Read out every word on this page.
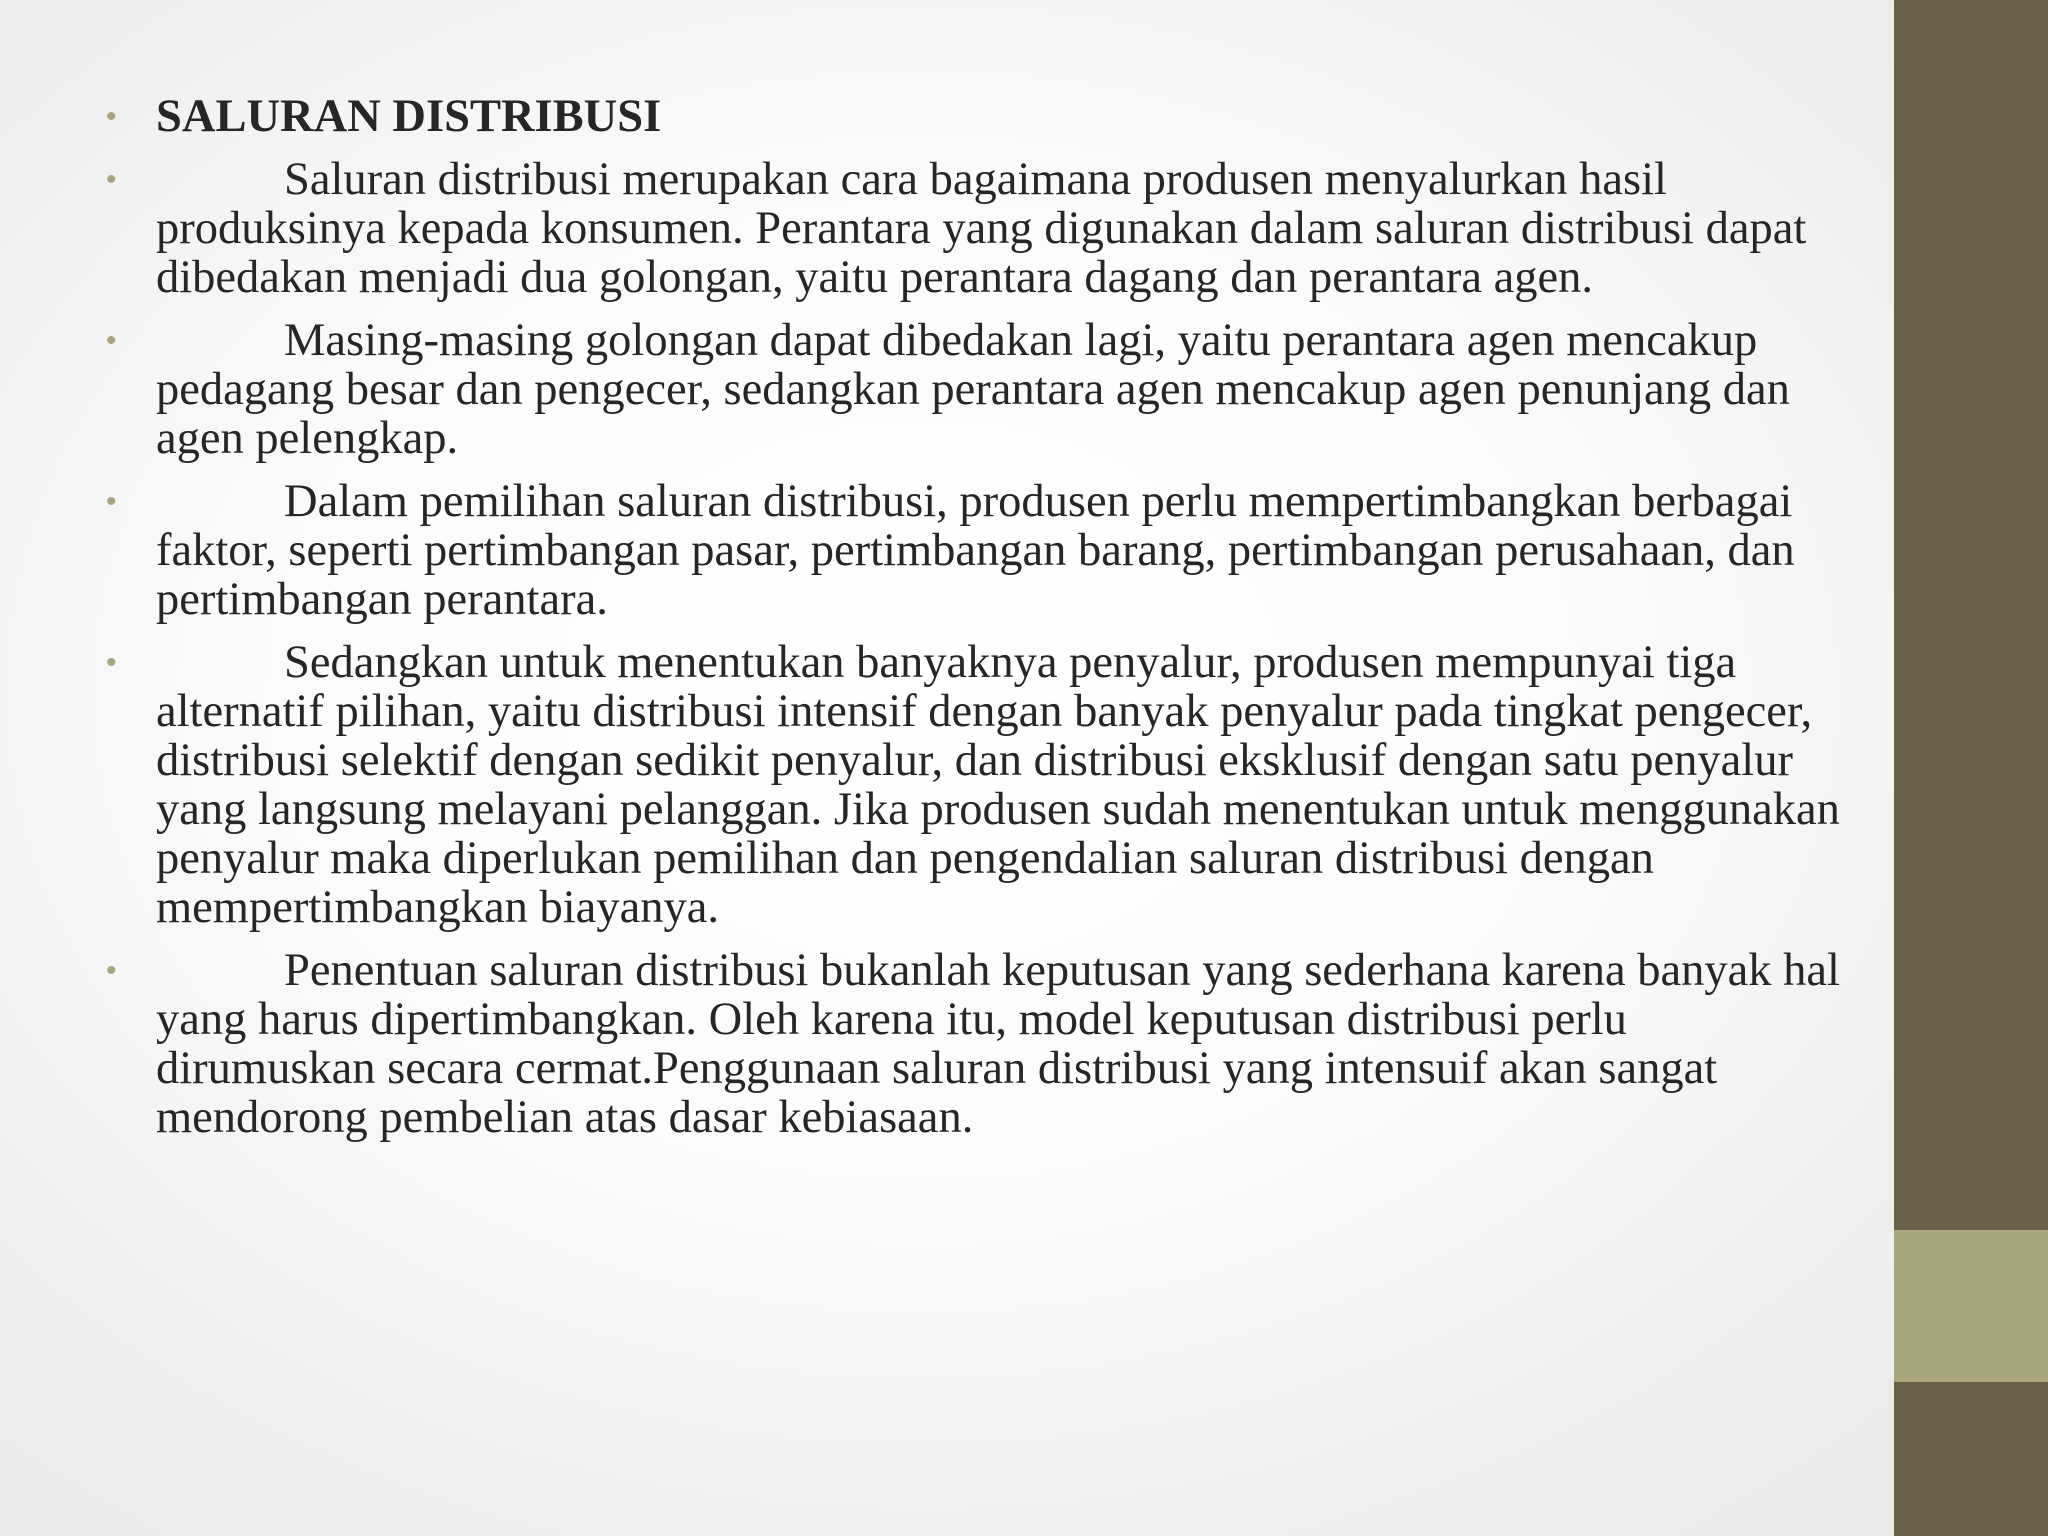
• SALURAN DISTRIBUSI
•	Saluran distribusi merupakan cara bagaimana produsen menyalurkan hasil produksinya kepada konsumen. Perantara yang digunakan dalam saluran distribusi dapat dibedakan menjadi dua golongan, yaitu perantara dagang dan perantara agen.
•	Masing-masing golongan dapat dibedakan lagi, yaitu perantara agen mencakup pedagang besar dan pengecer, sedangkan perantara agen mencakup agen penunjang dan agen pelengkap.
•	Dalam pemilihan saluran distribusi, produsen perlu mempertimbangkan berbagai faktor, seperti pertimbangan pasar, pertimbangan barang, pertimbangan perusahaan, dan pertimbangan perantara.
•	Sedangkan untuk menentukan banyaknya penyalur, produsen mempunyai tiga alternatif pilihan, yaitu distribusi intensif dengan banyak penyalur pada tingkat pengecer, distribusi selektif dengan sedikit penyalur, dan distribusi eksklusif dengan satu penyalur yang langsung melayani pelanggan. Jika produsen sudah menentukan untuk menggunakan penyalur maka diperlukan pemilihan dan pengendalian saluran distribusi dengan mempertimbangkan biayanya.
•	Penentuan saluran distribusi bukanlah keputusan yang sederhana karena banyak hal yang harus dipertimbangkan. Oleh karena itu, model keputusan distribusi perlu dirumuskan secara cermat.Penggunaan saluran distribusi yang intensuif akan sangat mendorong pembelian atas dasar kebiasaan.
